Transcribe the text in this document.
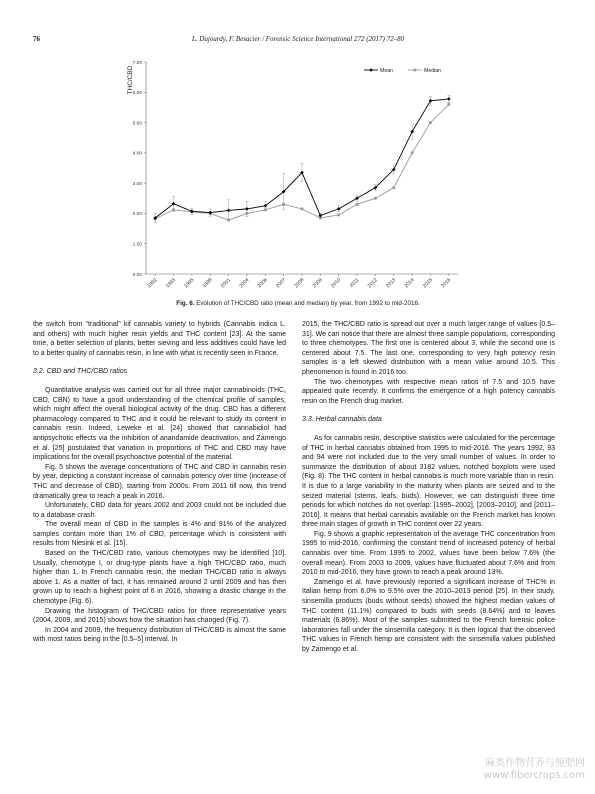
76	L. Dujourdy, F. Besacier / Forensic Science International 272 (2017) 72–80
0.00
1.00
2.00
3.00
4.00
5.00
6.00
7.00
1992 1993 1995 1998 2001 2004 2006 2007 2008 2009 2010 2011 2012 2013 2014 2015 2016
Mean	Median
THC/CBD
Fig. 6. Evolution of THC/CBD ratio (mean and median) by year, from 1992 to mid-2016.

the switch from “traditional” kif cannabis variety to hybrids (Cannabis indica L. and others) with much higher resin yields and THC content [23]. At the same time, a better selection of plants, better sieving and less additives could have led to a better quality of cannabis resin, in line with what is recently seen in France.

3.2. CBD and THC/CBD ratios

Quantitative analysis was carried out for all three major cannabinoids (THC, CBD, CBN) to have a good understanding of the chemical profile of samples, which might affect the overall biological activity of the drug. CBD has a different pharmacology compared to THC and it could be relevant to study its content in cannabis resin. Indeed, Leweke et al. [24] showed that cannabidiol had antipsychotic effects via the inhibition of anandamide deactivation, and Zamengo et al. [25] postulated that variation in proportions of THC and CBD may have implications for the overall psychoactive potential of the material.

Fig. 5 shows the average concentrations of THC and CBD in cannabis resin by year, depicting a constant increase of cannabis potency over time (increase of THC and decrease of CBD), starting from 2000s. From 2011 till now, this trend dramatically grew to reach a peak in 2016.

Unfortunately, CBD data for years 2002 and 2003 could not be included due to a database crash.

The overall mean of CBD in the samples is 4% and 91% of the analyzed samples contain more than 1% of CBD, percentage which is consistent with results from Niesink et al. [15].

Based on the THC/CBD ratio, various chemotypes may be identified [10]. Usually, chemotype I, or drug-type plants have a high THC/CBD ratio, much higher than 1. In French cannabis resin, the median THC/CBD ratio is always above 1. As a matter of fact, it has remained around 2 until 2009 and has then grown up to reach a highest point of 6 in 2016, showing a drastic change in the chemotype (Fig. 6).

Drawing the histogram of THC/CBD ratios for three representative years (2004, 2009, and 2015) shows how the situation has changed (Fig. 7).

In 2004 and 2009, the frequency distribution of THC/CBD is almost the same with most ratios being in the [0.5–5] interval. In

2015, the THC/CBD ratio is spread out over a much larger range of values [0.5–31]. We can notice that there are almost three sample populations, corresponding to three chemotypes. The first one is centered about 3, while the second one is centered about 7.5. The last one, corresponding to very high potency resin samples is a left skewed distribution with a mean value around 10.5. This phenomenon is found in 2016 too.

The two chemotypes with respective mean ratios of 7.5 and 10.5 have appeared quite recently. It confirms the emergence of a high potency cannabis resin on the French drug market.

3.3. Herbal cannabis data

As for cannabis resin, descriptive statistics were calculated for the percentage of THC in herbal cannabis obtained from 1995 to mid-2016. The years 1992, 93 and 94 were not included due to the very small number of values. In order to summarize the distribution of about 3182 values, notched boxplots were used (Fig. 8). The THC content in herbal cannabis is much more variable than in resin. It is due to a large variability in the maturity when plants are seized and to the seized material (stems, leafs, buds). However, we can distinguish three time periods for which notches do not overlap: [1995–2002], [2003–2010], and [2011–2016]. It means that herbal cannabis available on the French market has known three main stages of growth in THC content over 22 years.

Fig. 9 shows a graphic representation of the average THC concentration from 1995 to mid-2016, confirming the constant trend of increased potency of herbal cannabis over time. From 1995 to 2002, values have been below 7.6% (the overall mean). From 2003 to 2009, values have fluctuated about 7.6% and from 2010 to mid-2016, they have grown to reach a peak around 13%.

Zamengo et al. have previously reported a significant increase of THC% in Italian hemp from 6.0% to 9.5% over the 2010–2013 period [25]. In their study, sinsemilla products (buds without seeds) showed the highest median values of THC content (11.1%) compared to buds with seeds (8.64%) and to leaves materials (6.86%). Most of the samples submitted to the French forensic police laboratories fall under the sinsemilla category. It is then logical that the observed THC values in French hemp are consistent with the sinsemilla values published by Zamengo et al.

麻类作物营养与施肥网
www.fibercrops.com
